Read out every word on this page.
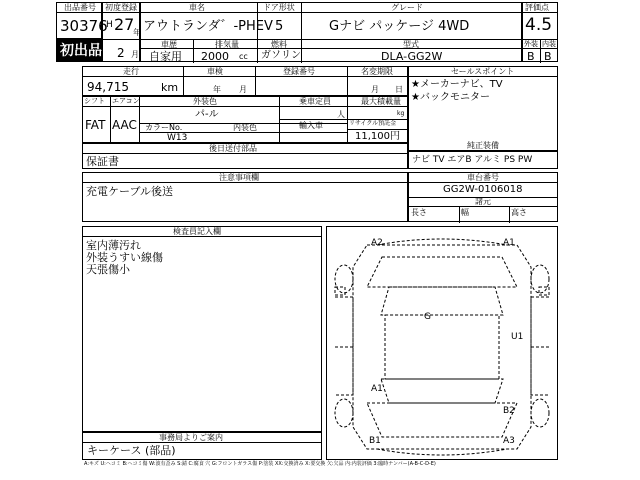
出品番号
30376
初出品
初度登録
H 27
年
2 月
車名
アウトランダ゛-PHEV
ドア形状
5
グレード
Gナビ パッケージ 4WD
車歴
自家用
排気量
2000 cc
燃料
ガソリン
型式
DLA-GG2W
評価点
4.5
外装 内装
B B
走行
94,715	km
車検
年 月
登録番号	名変期限
月 日
セールスポイント
★メーカーナビ、TV
★バックモニター
シフト
FAT
エアコン
AAC
外装色
パ-ル
カラーNo.
W13
内装色
乗車定員
人
輸入車
最大積載量
kg
リサイクル預託金
11,100円
後日送付部品
保証書
純正装備
ナビ TV エアB アルミ PS PW
注意事項欄
充電ケーブル後送
車台番号
GG2W-0106018
諸元
長さ	幅	高さ
検査員記入欄
室内薄汚れ
外装うすい線傷
天張傷小
事務局よりご案内
キーケース (部品)
A2	A1
G
U1
A1
B2
B1	A3
A:キズ U:ヘコミ B:ヘコミ傷 W:波有歪み S:錆 C:腐食 穴 G:フロントガラス傷 P:塗装 XX:交換済み X:要交換 欠:欠品 内:内装評価 3:臨時ナンバー(A-B-C-D-E)
